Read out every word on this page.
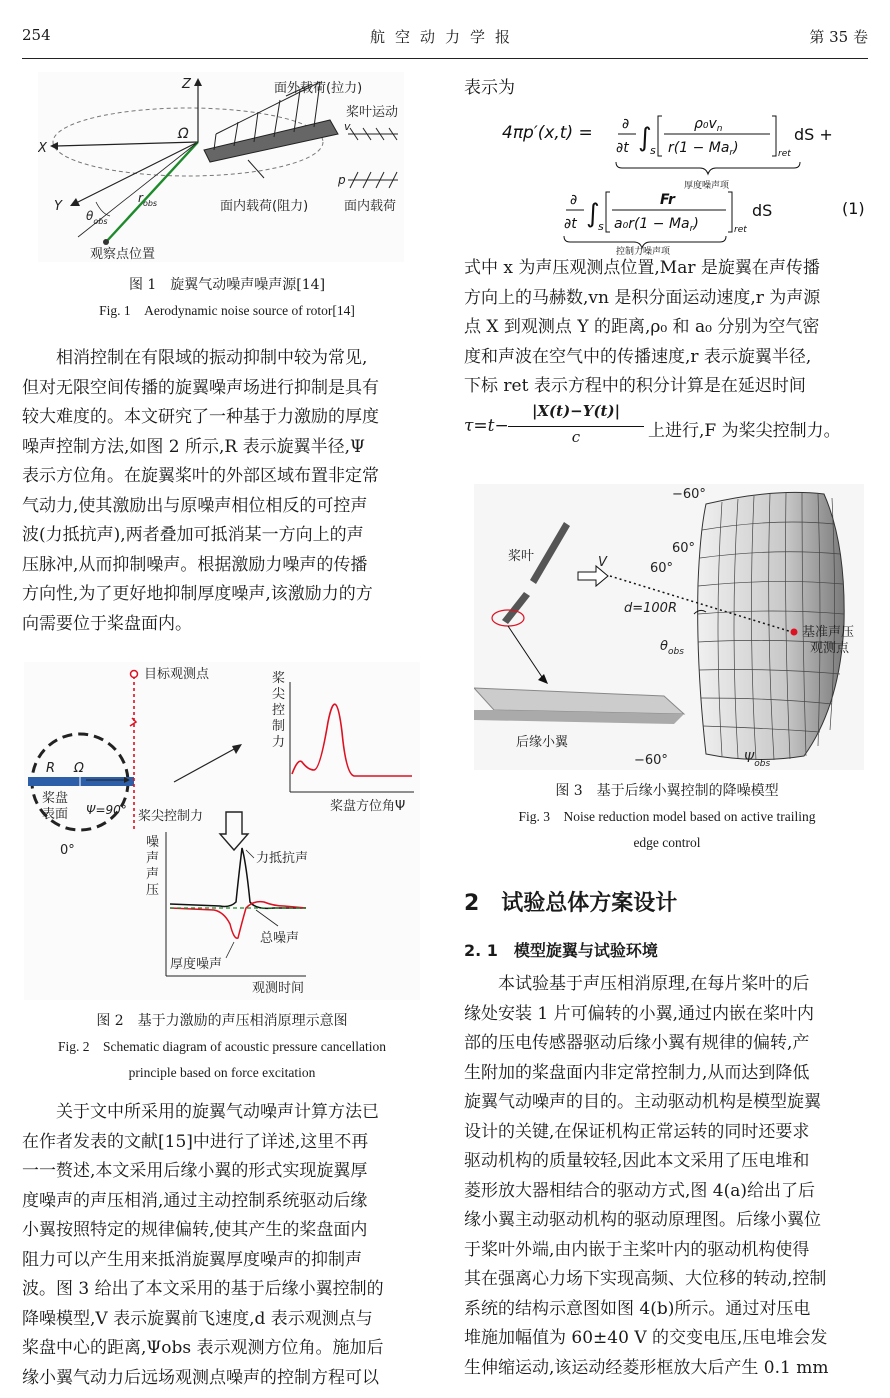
254	航空动力学报	第 35 卷
Z
X
Y
Ω
面外载荷(拉力)
桨叶运动
v
p
$r_{obs}$
$\theta_{obs}$
面内载荷(阻力)	面内载荷
观察点位置
图 1　旋翼气动噪声噪声源[14]
Fig. 1　Aerodynamic noise source of rotor[14]
　　相消控制在有限域的振动抑制中较为常见,
但对无限空间传播的旋翼噪声场进行抑制是具有
较大难度的。本文研究了一种基于力激励的厚度
噪声控制方法,如图 2 所示,R 表示旋翼半径,Ψ
表示方位角。在旋翼桨叶的外部区域布置非定常
气动力,使其激励出与原噪声相位相反的可控声
波(力抵抗声),两者叠加可抵消某一方向上的声
压脉冲,从而抑制噪声。根据激励力噪声的传播
方向性,为了更好地抑制厚度噪声,该激励力的方
向需要位于桨盘面内。
目标观测点
R Ω
桨盘
表面 Ψ=90°
0°
桨尖控制力
桨
尖
控
制
力
桨盘方位角Ψ
噪
声
声
压
力抵抗声
总噪声
厚度噪声
观测时间
图 2　基于力激励的声压相消原理示意图
Fig. 2　Schematic diagram of acoustic pressure cancellation
principle based on force excitation
　　关于文中所采用的旋翼气动噪声计算方法已
在作者发表的文献[15]中进行了详述,这里不再
一一赘述,本文采用后缘小翼的形式实现旋翼厚
度噪声的声压相消,通过主动控制系统驱动后缘
小翼按照特定的规律偏转,使其产生的桨盘面内
阻力可以产生用来抵消旋翼厚度噪声的抑制声
波。图 3 给出了本文采用的基于后缘小翼控制的
降噪模型,V 表示旋翼前飞速度,d 表示观测点与
桨盘中心的距离,Ψobs 表示观测方位角。施加后
缘小翼气动力后远场观测点噪声的控制方程可以
表示为
4πp′(x,t) = ∂
∂t ∫
s
$\rho_0v_n$
$r(1 - Ma_r)$	ret
dS +
厚度噪声项
∂
∂t ∫
s
Fr
$a_0r(1 - Ma_r)$	ret
dS	(1)
控制力噪声项
式中 x 为声压观测点位置,Mar 是旋翼在声传播
方向上的马赫数,vn 是积分面运动速度,r 为声源
点 X 到观测点 Y 的距离,ρ₀ 和 a₀ 分别为空气密
度和声波在空气中的传播速度,r 表示旋翼半径,
下标 ret 表示方程中的积分计算是在延迟时间
τ=t−
|X(t)−Y(t)|
c	上进行,F 为桨尖控制力。
−60°
桨叶	V
60°
60°
d=100R
$\theta_{obs}$
基准声压
观测点
后缘小翼
−60°	$\Psi_{obs}$
图 3　基于后缘小翼控制的降噪模型
Fig. 3　Noise reduction model based on active trailing
edge control
2　试验总体方案设计
2. 1　模型旋翼与试验环境
　　本试验基于声压相消原理,在每片桨叶的后
缘处安装 1 片可偏转的小翼,通过内嵌在桨叶内
部的压电传感器驱动后缘小翼有规律的偏转,产
生附加的桨盘面内非定常控制力,从而达到降低
旋翼气动噪声的目的。主动驱动机构是模型旋翼
设计的关键,在保证机构正常运转的同时还要求
驱动机构的质量较轻,因此本文采用了压电堆和
菱形放大器相结合的驱动方式,图 4(a)给出了后
缘小翼主动驱动机构的驱动原理图。后缘小翼位
于桨叶外端,由内嵌于主桨叶内的驱动机构使得
其在强离心力场下实现高频、大位移的转动,控制
系统的结构示意图如图 4(b)所示。通过对压电
堆施加幅值为 60±40 V 的交变电压,压电堆会发
生伸缩运动,该运动经菱形框放大后产生 0.1 mm
